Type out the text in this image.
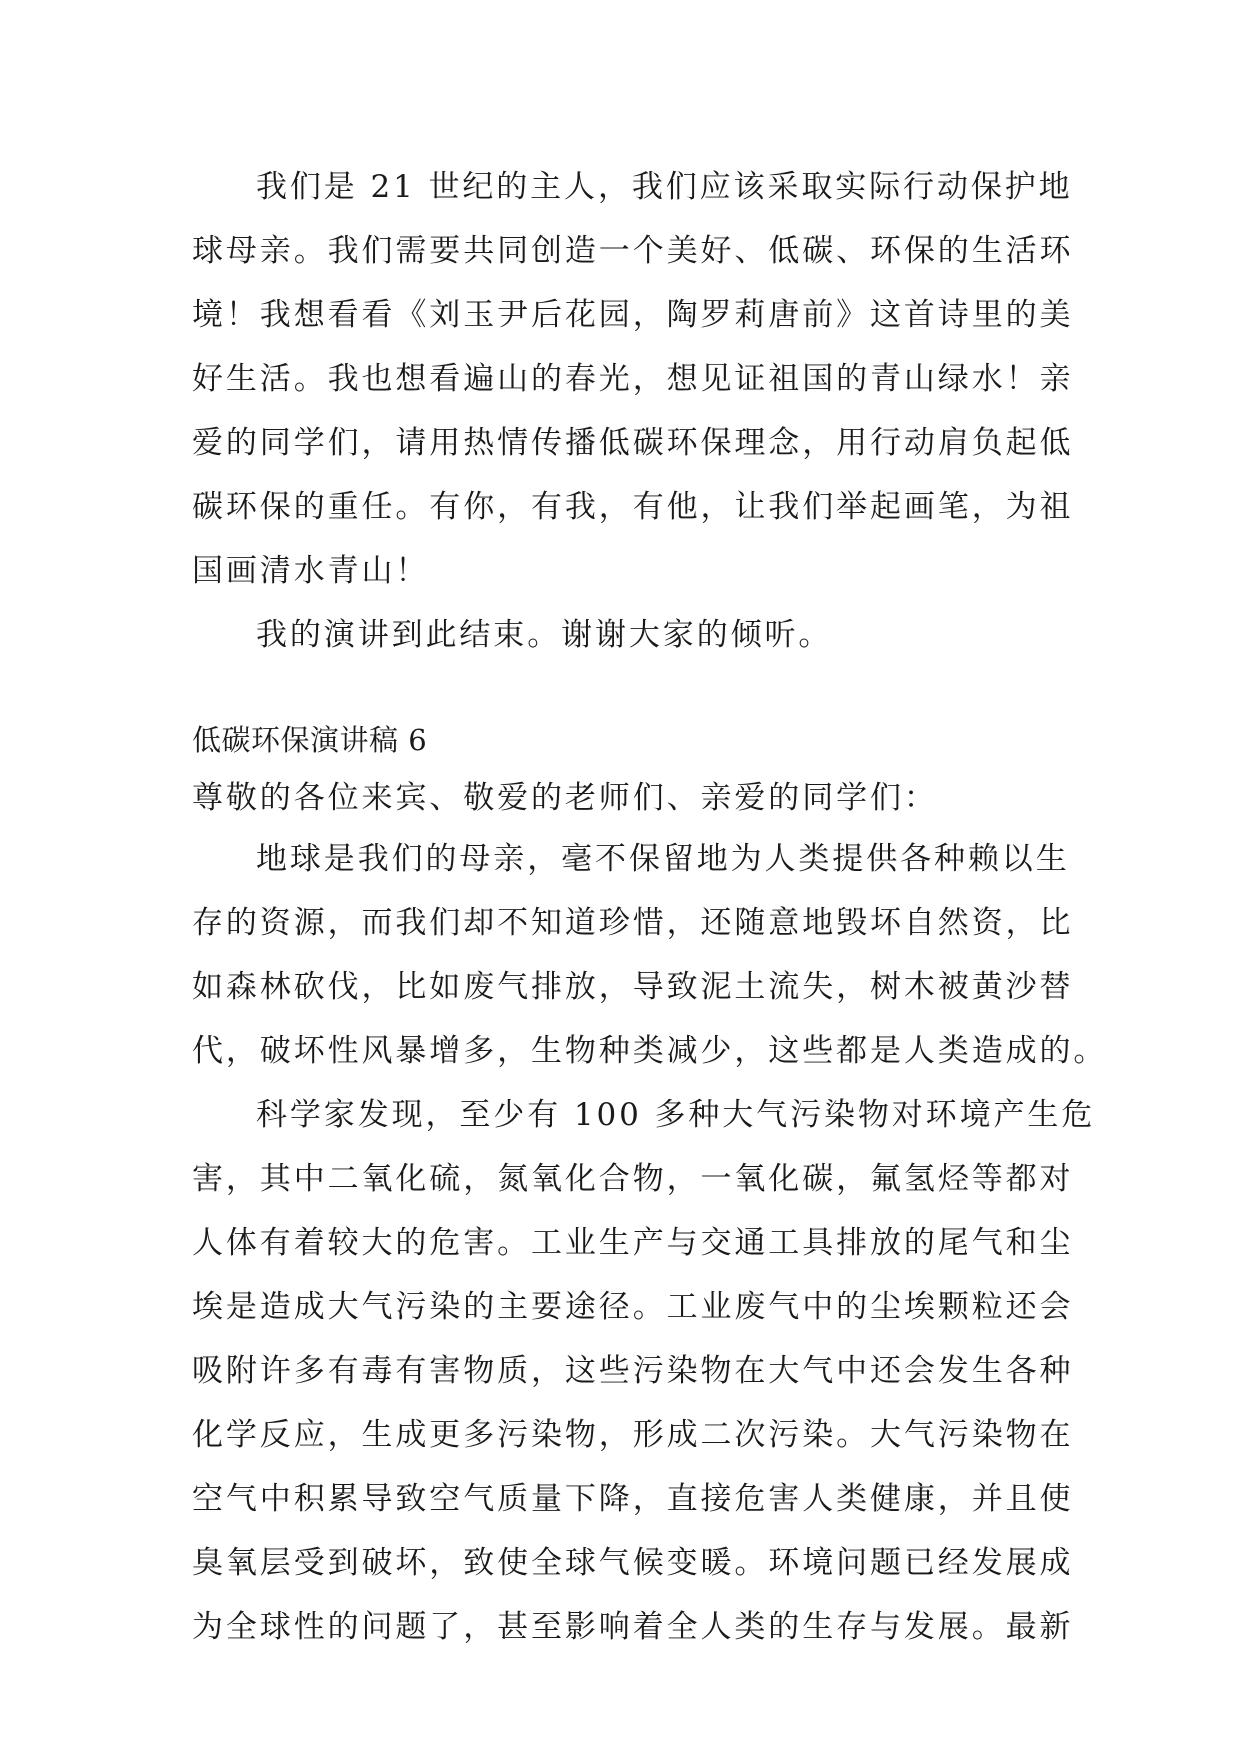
我们是 21 世纪的主人，我们应该采取实际行动保护地
球母亲。我们需要共同创造一个美好、低碳、环保的生活环
境！我想看看《刘玉尹后花园，陶罗莉唐前》这首诗里的美
好生活。我也想看遍山的春光，想见证祖国的青山绿水！亲
爱的同学们，请用热情传播低碳环保理念，用行动肩负起低
碳环保的重任。有你，有我，有他，让我们举起画笔，为祖
国画清水青山！
我的演讲到此结束。谢谢大家的倾听。
低碳环保演讲稿 6
尊敬的各位来宾、敬爱的老师们、亲爱的同学们：
地球是我们的母亲，毫不保留地为人类提供各种赖以生
存的资源，而我们却不知道珍惜，还随意地毁坏自然资，比
如森林砍伐，比如废气排放，导致泥土流失，树木被黄沙替
代，破坏性风暴增多，生物种类减少，这些都是人类造成的。
科学家发现，至少有 100 多种大气污染物对环境产生危
害，其中二氧化硫，氮氧化合物，一氧化碳，氟氢烃等都对
人体有着较大的危害。工业生产与交通工具排放的尾气和尘
埃是造成大气污染的主要途径。工业废气中的尘埃颗粒还会
吸附许多有毒有害物质，这些污染物在大气中还会发生各种
化学反应，生成更多污染物，形成二次污染。大气污染物在
空气中积累导致空气质量下降，直接危害人类健康，并且使
臭氧层受到破坏，致使全球气候变暖。环境问题已经发展成
为全球性的问题了，甚至影响着全人类的生存与发展。最新
